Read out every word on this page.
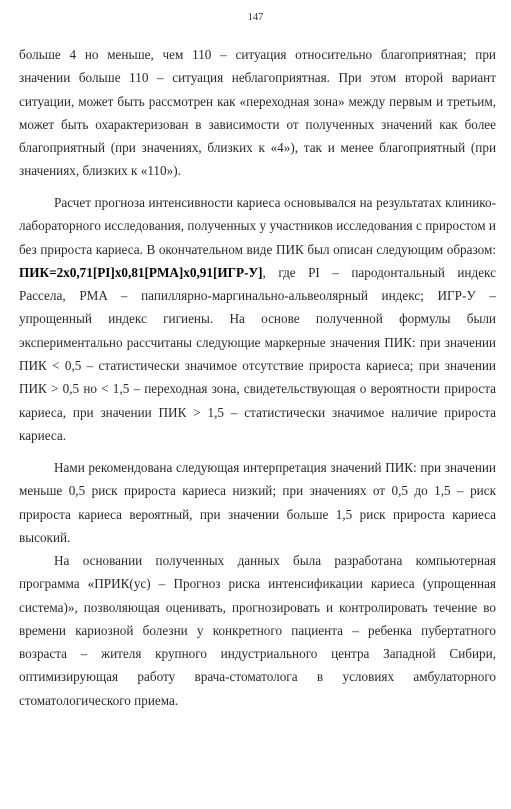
147

больше 4 но меньше, чем 110 – ситуация относительно благоприятная; при значении больше 110 – ситуация неблагоприятная. При этом второй вариант ситуации, может быть рассмотрен как «переходная зона» между первым и третьим, может быть охарактеризован в зависимости от полученных значений как более благоприятный (при значениях, близких к «4»), так и менее благоприятный (при значениях, близких к «110»).

Расчет прогноза интенсивности кариеса основывался на результатах клинико-лабораторного исследования, полученных у участников исследования с приростом и без прироста кариеса. В окончательном виде ПИК был описан следующим образом: ПИК=2х0,71[PI]х0,81[PMA]х0,91[ИГР-У], где PI – пародонтальный индекс Рассела, PMA – папиллярно-маргинально-альвеолярный индекс; ИГР-У – упрощенный индекс гигиены. На основе полученной формулы были экспериментально рассчитаны следующие маркерные значения ПИК: при значении ПИК < 0,5 – статистически значимое отсутствие прироста кариеса; при значении ПИК > 0,5 но < 1,5 – переходная зона, свидетельствующая о вероятности прироста кариеса, при значении ПИК > 1,5 – статистически значимое наличие прироста кариеса.

Нами рекомендована следующая интерпретация значений ПИК: при значении меньше 0,5 риск прироста кариеса низкий; при значениях от 0,5 до 1,5 – риск прироста кариеса вероятный, при значении больше 1,5 риск прироста кариеса высокий.

На основании полученных данных была разработана компьютерная программа «ПРИК(ус) – Прогноз риска интенсификации кариеса (упрощенная система)», позволяющая оценивать, прогнозировать и контролировать течение во времени кариозной болезни у конкретного пациента – ребенка пубертатного возраста – жителя крупного индустриального центра Западной Сибири, оптимизирующая работу врача-стоматолога в условиях амбулаторного стоматологического приема.
